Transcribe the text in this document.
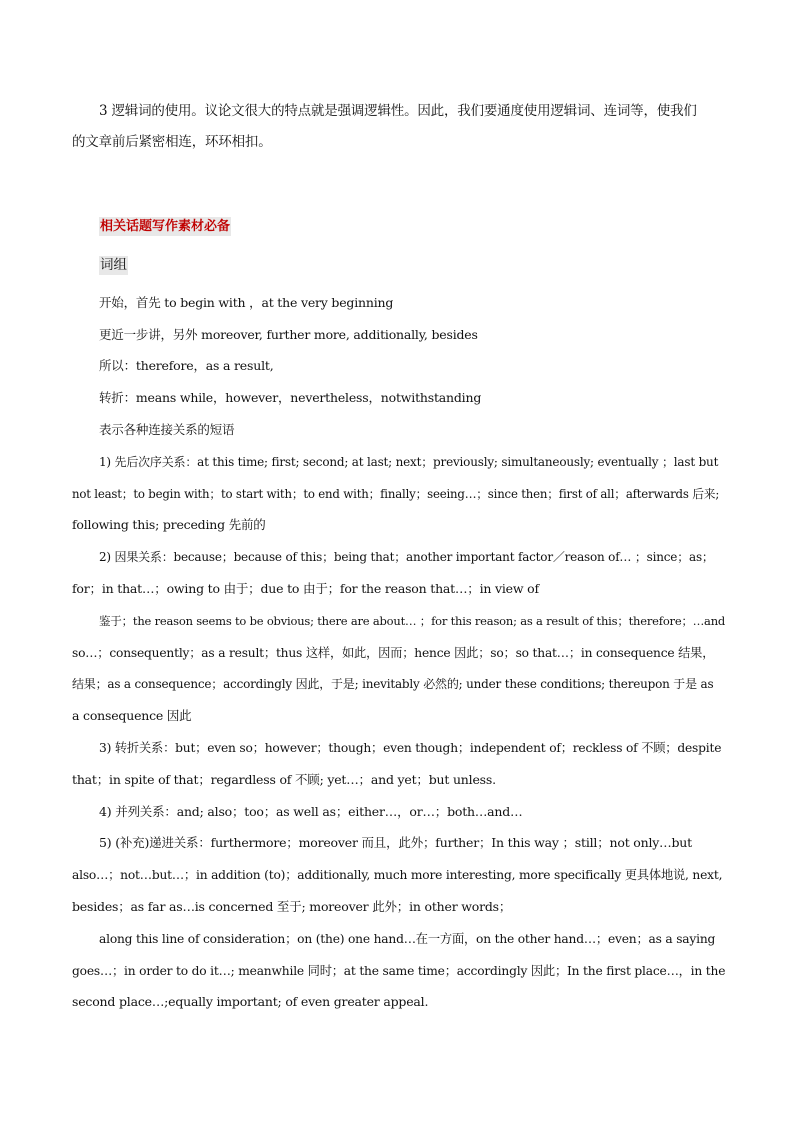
3 逻辑词的使用。议论文很大的特点就是强调逻辑性。因此，我们要通度使用逻辑词、连词等，使我们
的文章前后紧密相连，环环相扣。
相关话题写作素材必备
词组
开始，首先 to begin with ，at the very beginning
更近一步讲，另外 moreover, further more, additionally, besides
所以：therefore，as a result,
转折：means while，however，nevertheless，notwithstanding
表示各种连接关系的短语
1) 先后次序关系：at this time; first; second; at last; next；previously; simultaneously; eventually ；last but
not least；to begin with；to start with；to end with；finally；seeing…；since then；first of all；afterwards 后来;
following this; preceding 先前的
2) 因果关系：because；because of this；being that；another important factor／reason of… ；since；as；
for；in that…；owing to 由于；due to 由于；for the reason that…；in view of
鉴于；the reason seems to be obvious; there are about… ；for this reason; as a result of this；therefore；…and
so…；consequently；as a result；thus 这样，如此，因而；hence 因此；so；so that…；in consequence 结果，
结果；as a consequence；accordingly 因此，于是; inevitably 必然的; under these conditions; thereupon 于是 as
a consequence 因此
3) 转折关系：but；even so；however；though；even though；independent of；reckless of 不顾；despite
that；in spite of that；regardless of 不顾; yet…；and yet；but unless.
4) 并列关系：and; also；too；as well as；either…，or…；both…and…
5) (补充)递进关系：furthermore；moreover 而且，此外；further；In this way ；still；not only…but
also…；not…but…；in addition (to)；additionally, much more interesting, more specifically 更具体地说, next,
besides；as far as…is concerned 至于; moreover 此外；in other words；
along this line of consideration；on (the) one hand…在一方面，on the other hand…；even；as a saying
goes…；in order to do it…; meanwhile 同时；at the same time；accordingly 因此；In the first place…，in the
second place…;equally important; of even greater appeal.
